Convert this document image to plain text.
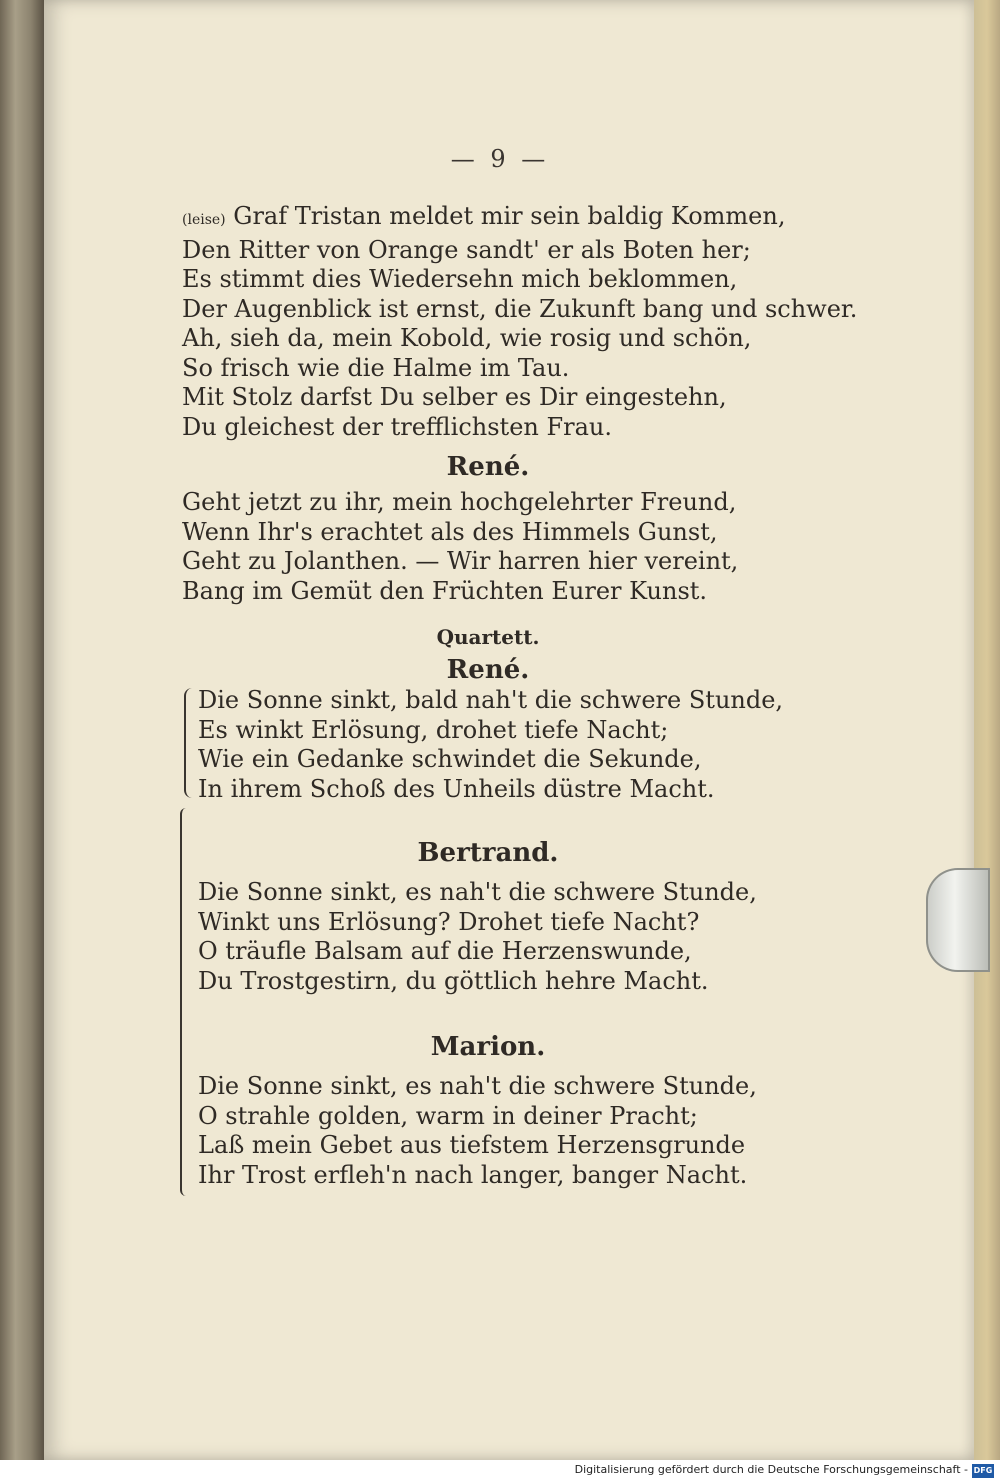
— 9 —
(leise) Graf Tristan meldet mir sein baldig Kommen,
Den Ritter von Orange sandt' er als Boten her;
Es stimmt dies Wiedersehn mich beklommen,
Der Augenblick ist ernst, die Zukunft bang und schwer.
Ah, sieh da, mein Kobold, wie rosig und schön,
So frisch wie die Halme im Tau.
Mit Stolz darfst Du selber es Dir eingestehn,
Du gleichest der trefflichsten Frau.
René.
Geht jetzt zu ihr, mein hochgelehrter Freund,
Wenn Ihr's erachtet als des Himmels Gunst,
Geht zu Jolanthen. — Wir harren hier vereint,
Bang im Gemüt den Früchten Eurer Kunst.
Quartett.
René.
Die Sonne sinkt, bald nah't die schwere Stunde,
Es winkt Erlösung, drohet tiefe Nacht;
Wie ein Gedanke schwindet die Sekunde,
In ihrem Schoß des Unheils düstre Macht.
Bertrand.
Die Sonne sinkt, es nah't die schwere Stunde,
Winkt uns Erlösung? Drohet tiefe Nacht?
O träufle Balsam auf die Herzenswunde,
Du Trostgestirn, du göttlich hehre Macht.
Marion.
Die Sonne sinkt, es nah't die schwere Stunde,
O strahle golden, warm in deiner Pracht;
Laß mein Gebet aus tiefstem Herzensgrunde
Ihr Trost erfleh'n nach langer, banger Nacht.
Digitalisierung gefördert durch die Deutsche Forschungsgemeinschaft - DFG
